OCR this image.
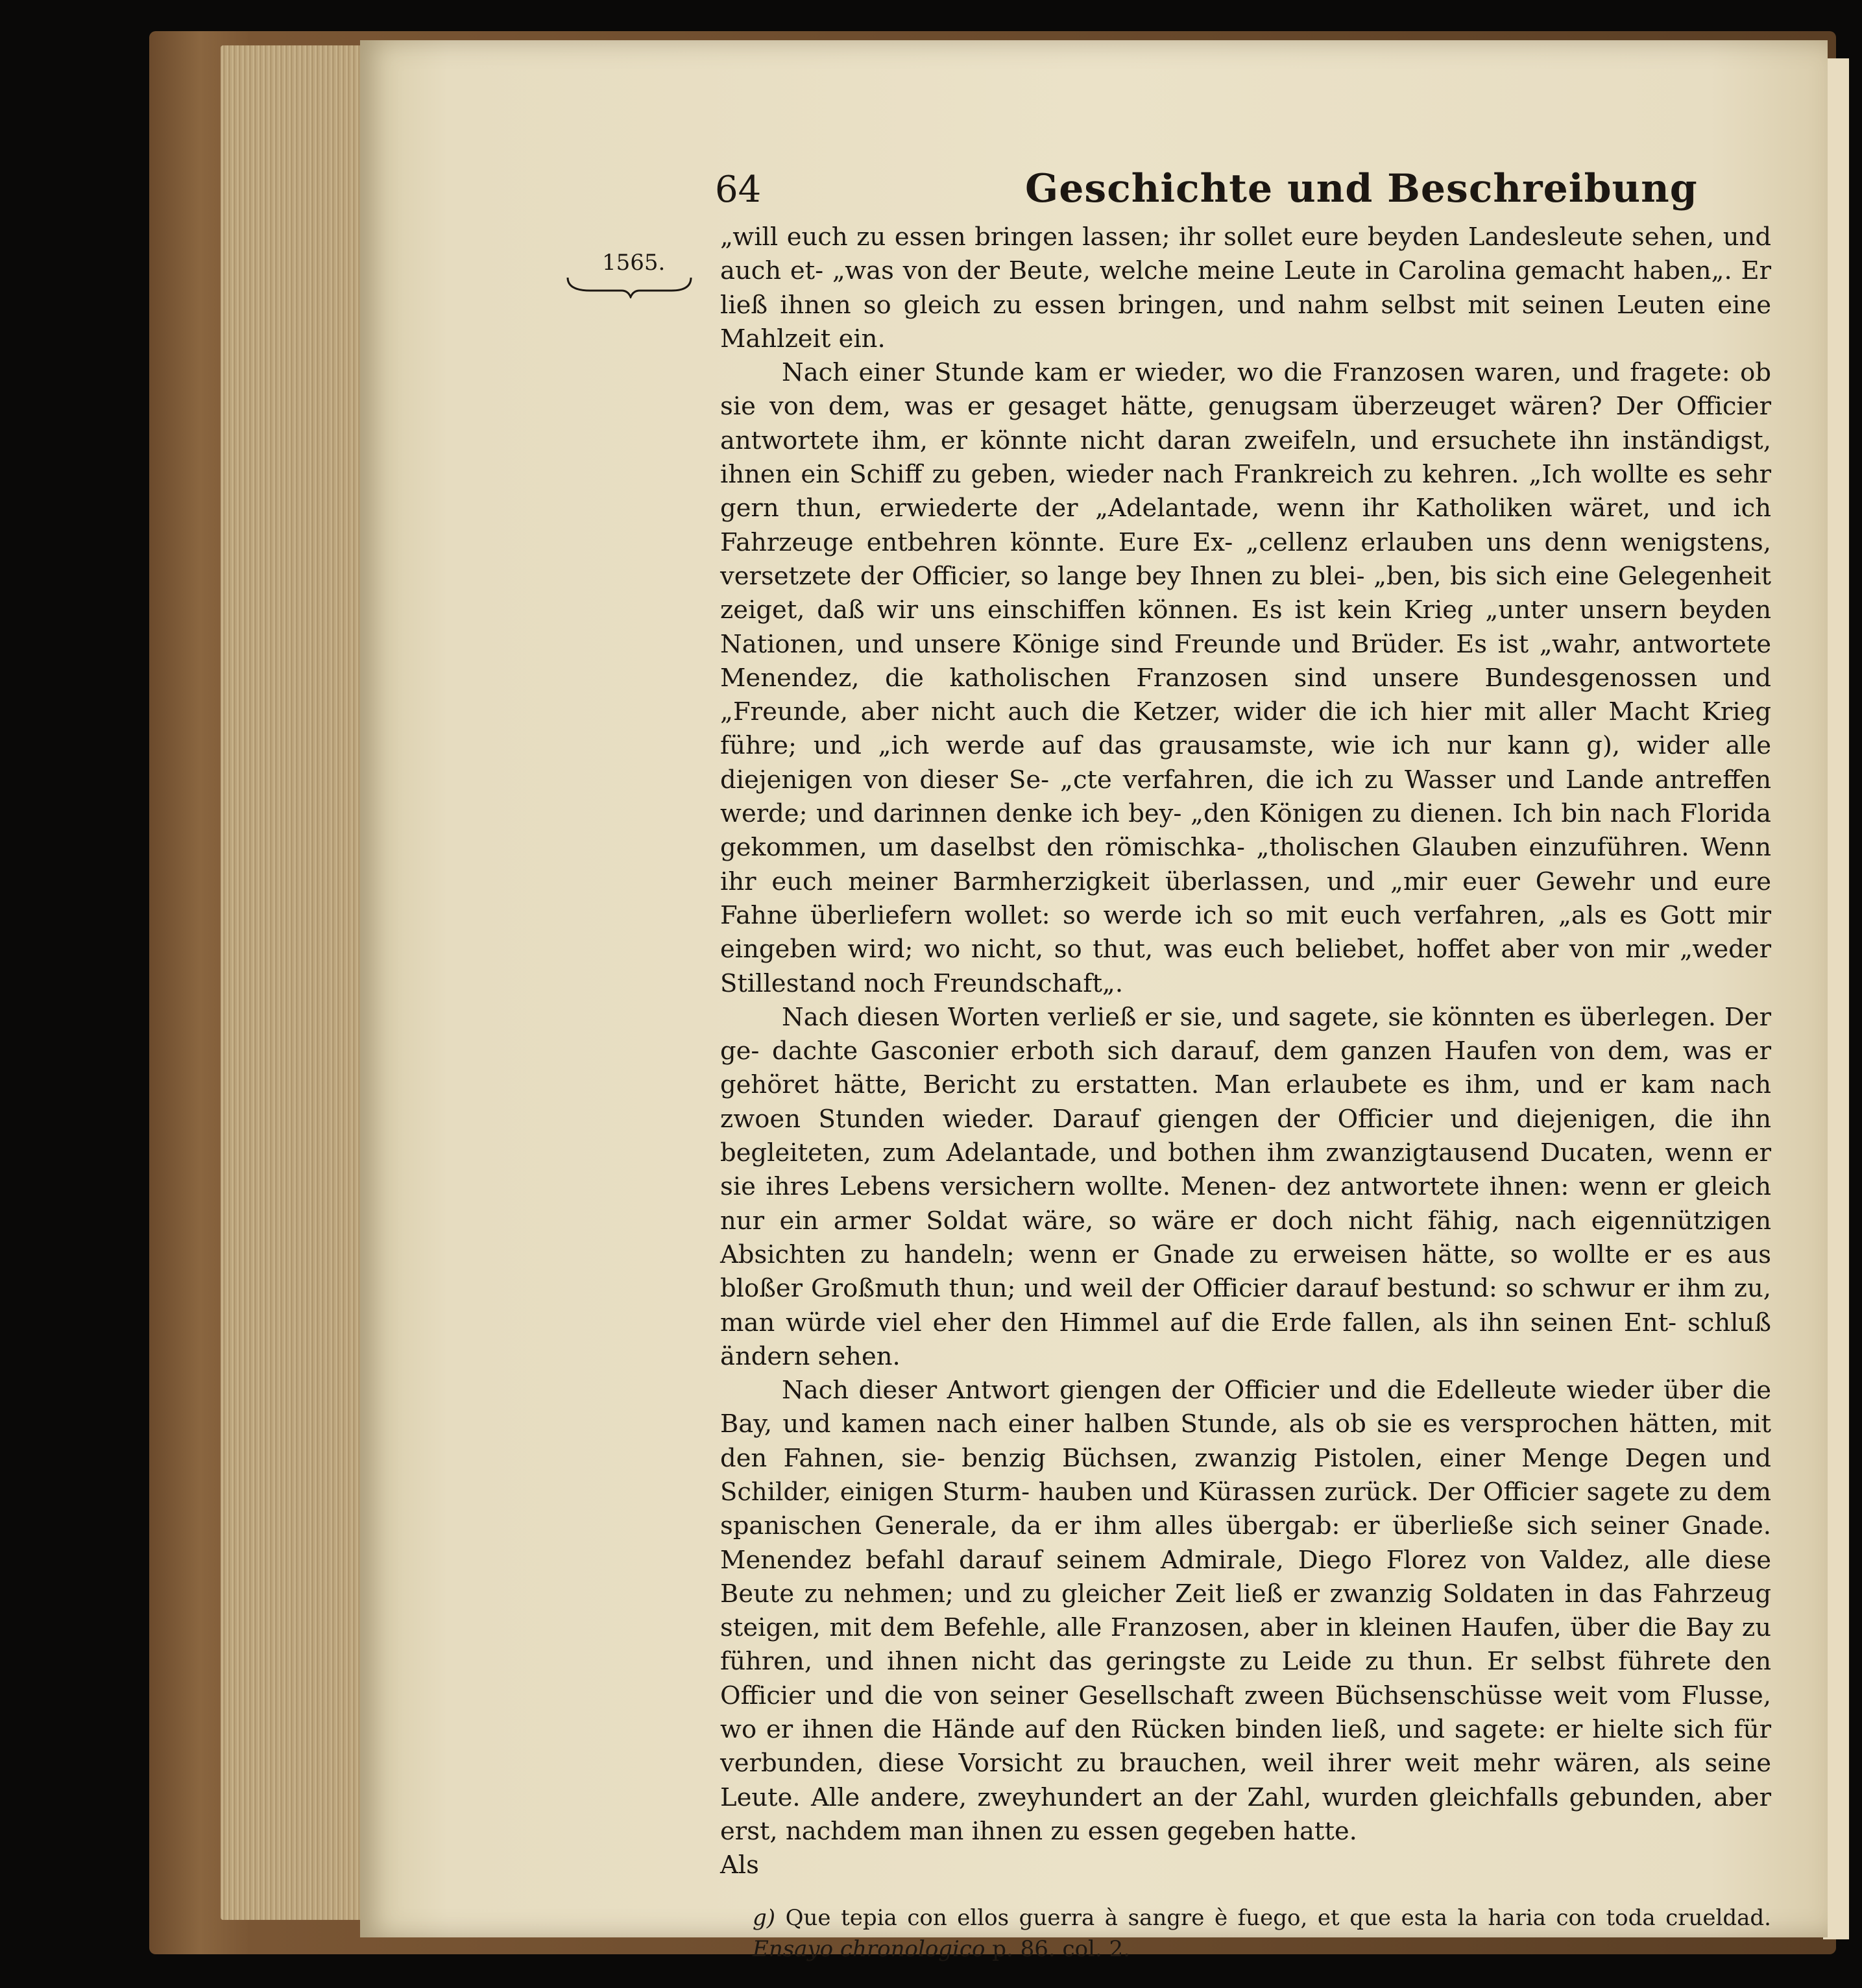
1565.
64	Geschichte und Beschreibung

„will euch zu essen bringen lassen; ihr sollet eure beyden Landesleute sehen, und auch et- „was von der Beute, welche meine Leute in Carolina gemacht haben„. Er ließ ihnen so gleich zu essen bringen, und nahm selbst mit seinen Leuten eine Mahlzeit ein.

Nach einer Stunde kam er wieder, wo die Franzosen waren, und fragete: ob sie von dem, was er gesaget hätte, genugsam überzeuget wären? Der Officier antwortete ihm, er könnte nicht daran zweifeln, und ersuchete ihn inständigst, ihnen ein Schiff zu geben, wieder nach Frankreich zu kehren. „Ich wollte es sehr gern thun, erwiederte der „Adelantade, wenn ihr Katholiken wäret, und ich Fahrzeuge entbehren könnte. Eure Ex- „cellenz erlauben uns denn wenigstens, versetzete der Officier, so lange bey Ihnen zu blei- „ben, bis sich eine Gelegenheit zeiget, daß wir uns einschiffen können. Es ist kein Krieg „unter unsern beyden Nationen, und unsere Könige sind Freunde und Brüder. Es ist „wahr, antwortete Menendez, die katholischen Franzosen sind unsere Bundesgenossen und „Freunde, aber nicht auch die Ketzer, wider die ich hier mit aller Macht Krieg führe; und „ich werde auf das grausamste, wie ich nur kann g), wider alle diejenigen von dieser Se- „cte verfahren, die ich zu Wasser und Lande antreffen werde; und darinnen denke ich bey- „den Königen zu dienen. Ich bin nach Florida gekommen, um daselbst den römischka- „tholischen Glauben einzuführen. Wenn ihr euch meiner Barmherzigkeit überlassen, und „mir euer Gewehr und eure Fahne überliefern wollet: so werde ich so mit euch verfahren, „als es Gott mir eingeben wird; wo nicht, so thut, was euch beliebet, hoffet aber von mir „weder Stillestand noch Freundschaft„.

Nach diesen Worten verließ er sie, und sagete, sie könnten es überlegen. Der ge- dachte Gasconier erboth sich darauf, dem ganzen Haufen von dem, was er gehöret hätte, Bericht zu erstatten. Man erlaubete es ihm, und er kam nach zwoen Stunden wieder. Darauf giengen der Officier und diejenigen, die ihn begleiteten, zum Adelantade, und bothen ihm zwanzigtausend Ducaten, wenn er sie ihres Lebens versichern wollte. Menen- dez antwortete ihnen: wenn er gleich nur ein armer Soldat wäre, so wäre er doch nicht fähig, nach eigennützigen Absichten zu handeln; wenn er Gnade zu erweisen hätte, so wollte er es aus bloßer Großmuth thun; und weil der Officier darauf bestund: so schwur er ihm zu, man würde viel eher den Himmel auf die Erde fallen, als ihn seinen Ent- schluß ändern sehen.

Nach dieser Antwort giengen der Officier und die Edelleute wieder über die Bay, und kamen nach einer halben Stunde, als ob sie es versprochen hätten, mit den Fahnen, sie- benzig Büchsen, zwanzig Pistolen, einer Menge Degen und Schilder, einigen Sturm- hauben und Kürassen zurück. Der Officier sagete zu dem spanischen Generale, da er ihm alles übergab: er überließe sich seiner Gnade. Menendez befahl darauf seinem Admirale, Diego Florez von Valdez, alle diese Beute zu nehmen; und zu gleicher Zeit ließ er zwanzig Soldaten in das Fahrzeug steigen, mit dem Befehle, alle Franzosen, aber in kleinen Haufen, über die Bay zu führen, und ihnen nicht das geringste zu Leide zu thun. Er selbst führete den Officier und die von seiner Gesellschaft zween Büchsenschüsse weit vom Flusse, wo er ihnen die Hände auf den Rücken binden ließ, und sagete: er hielte sich für verbunden, diese Vorsicht zu brauchen, weil ihrer weit mehr wären, als seine Leute. Alle andere, zweyhundert an der Zahl, wurden gleichfalls gebunden, aber erst, nachdem man ihnen zu essen gegeben hatte.

Als

g) Que tepia con ellos guerra à sangre è fuego, et que esta la haria con toda crueldad. Ensayo chronologico p. 86. col. 2.
